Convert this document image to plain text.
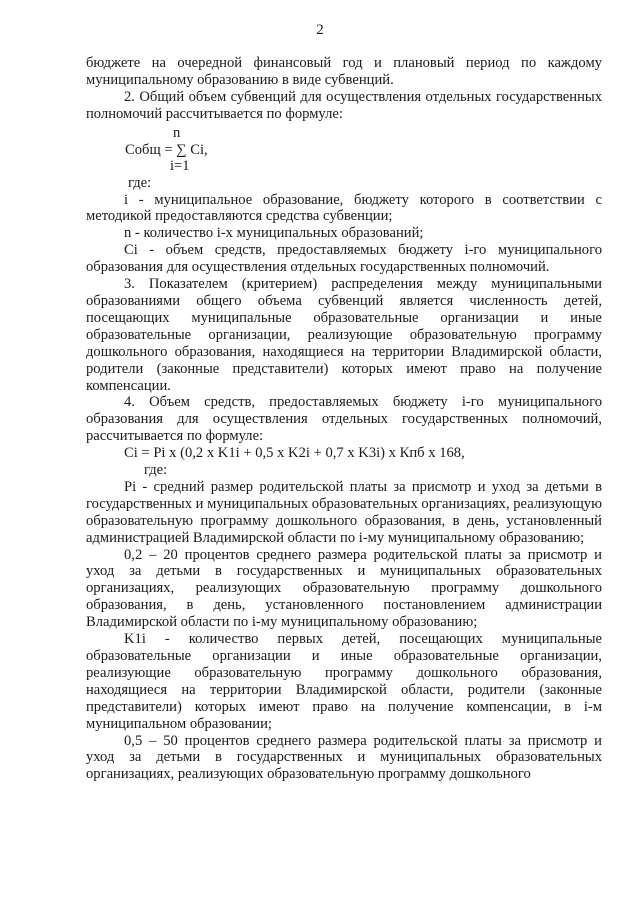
2

бюджете на очередной финансовый год и плановый период по каждому муниципальному образованию в виде субвенций.

2. Общий объем субвенций для осуществления отдельных государственных полномочий рассчитывается по формуле:

n
Собщ = ∑ Сi,
i=1

где:

i - муниципальное образование, бюджету которого в соответствии с методикой предоставляются средства субвенции;

n - количество i-х муниципальных образований;

Сi - объем средств, предоставляемых бюджету i-го муниципального образования для осуществления отдельных государственных полномочий.

3. Показателем (критерием) распределения между муниципальными образованиями общего объема субвенций является численность детей, посещающих муниципальные образовательные организации и иные образовательные организации, реализующие образовательную программу дошкольного образования, находящиеся на территории Владимирской области, родители (законные представители) которых имеют право на получение компенсации.

4. Объем средств, предоставляемых бюджету i-го муниципального образования для осуществления отдельных государственных полномочий, рассчитывается по формуле:

Сi = Pi x (0,2 x K1i + 0,5 x K2i + 0,7 x K3i) x Кпб x 168,

где:

Pi - средний размер родительской платы за присмотр и уход за детьми в государственных и муниципальных образовательных организациях, реализующую образовательную программу дошкольного образования, в день, установленный администрацией Владимирской области по i-му муниципальному образованию;

0,2 – 20 процентов среднего размера родительской платы за присмотр и уход за детьми в государственных и муниципальных образовательных организациях, реализующих образовательную программу дошкольного образования, в день, установленного постановлением администрации Владимирской области по i-му муниципальному образованию;

K1i - количество первых детей, посещающих муниципальные образовательные организации и иные образовательные организации, реализующие образовательную программу дошкольного образования, находящиеся на территории Владимирской области, родители (законные представители) которых имеют право на получение компенсации, в i-м муниципальном образовании;

0,5 – 50 процентов среднего размера родительской платы за присмотр и уход за детьми в государственных и муниципальных образовательных организациях, реализующих образовательную программу дошкольного
